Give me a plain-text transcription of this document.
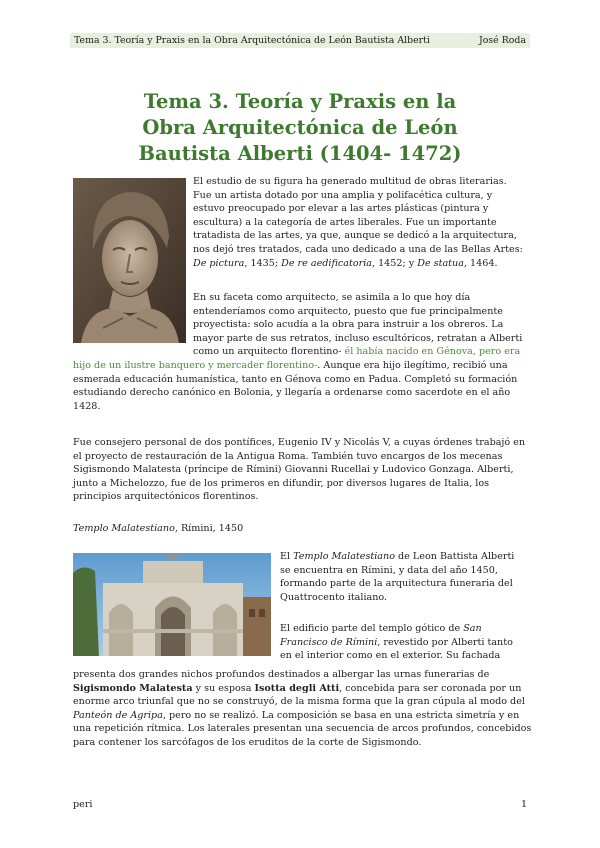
Tema 3. Teoría y Praxis en la Obra Arquitectónica de León Bautista Alberti	José Roda
Tema 3. Teoría y Praxis en la
Obra Arquitectónica de León
Bautista Alberti (1404- 1472)

El estudio de su figura ha generado multitud de obras literarias.
Fue un artista dotado por una amplia y polifacética cultura, y
estuvo preocupado por elevar a las artes plásticas (pintura y
escultura) a la categoría de artes liberales. Fue un importante
tratadista de las artes, ya que, aunque se dedicó a la arquitectura,
nos dejó tres tratados, cada uno dedicado a una de las Bellas Artes:
De pictura, 1435; De re aedificatoria, 1452; y De statua, 1464.

En su faceta como arquitecto, se asimila a lo que hoy día
entenderíamos como arquitecto, puesto que fue principalmente
proyectista: solo acudía a la obra para instruir a los obreros. La
mayor parte de sus retratos, incluso escultóricos, retratan a Alberti
como un arquitecto florentino- él había nacido en Génova, pero era

hijo de un ilustre banquero y mercader florentino-. Aunque era hijo ilegítimo, recibió una
esmerada educación humanística, tanto en Génova como en Padua. Completó su formación
estudiando derecho canónico en Bolonia, y llegaría a ordenarse como sacerdote en el año
1428.

Fue consejero personal de dos pontífices, Eugenio IV y Nicolás V, a cuyas órdenes trabajó en
el proyecto de restauración de la Antigua Roma. También tuvo encargos de los mecenas
Sigismondo Malatesta (príncipe de Rímini) Giovanni Rucellai y Ludovico Gonzaga. Alberti,
junto a Michelozzo, fue de los primeros en difundir, por diversos lugares de Italia, los
principios arquitectónicos florentinos.

Templo Malatestiano, Rímini, 1450

El Templo Malatestiano de Leon Battista Alberti
se encuentra en Rímini, y data del año 1450,
formando parte de la arquitectura funeraria del
Quattrocento italiano.

El edificio parte del templo gótico de San
Francisco de Rímini, revestido por Alberti tanto
en el interior como en el exterior. Su fachada

presenta dos grandes nichos profundos destinados a albergar las urnas funerarias de
Sigismondo Malatesta y su esposa Isotta degli Atti, concebida para ser coronada por un
enorme arco triunfal que no se construyó, de la misma forma que la gran cúpula al modo del
Panteón de Agripa, pero no se realizó. La composición se basa en una estricta simetría y en
una repetición rítmica. Los laterales presentan una secuencia de arcos profundos, concebidos
para contener los sarcófagos de los eruditos de la corte de Sigismondo.

peri	1
